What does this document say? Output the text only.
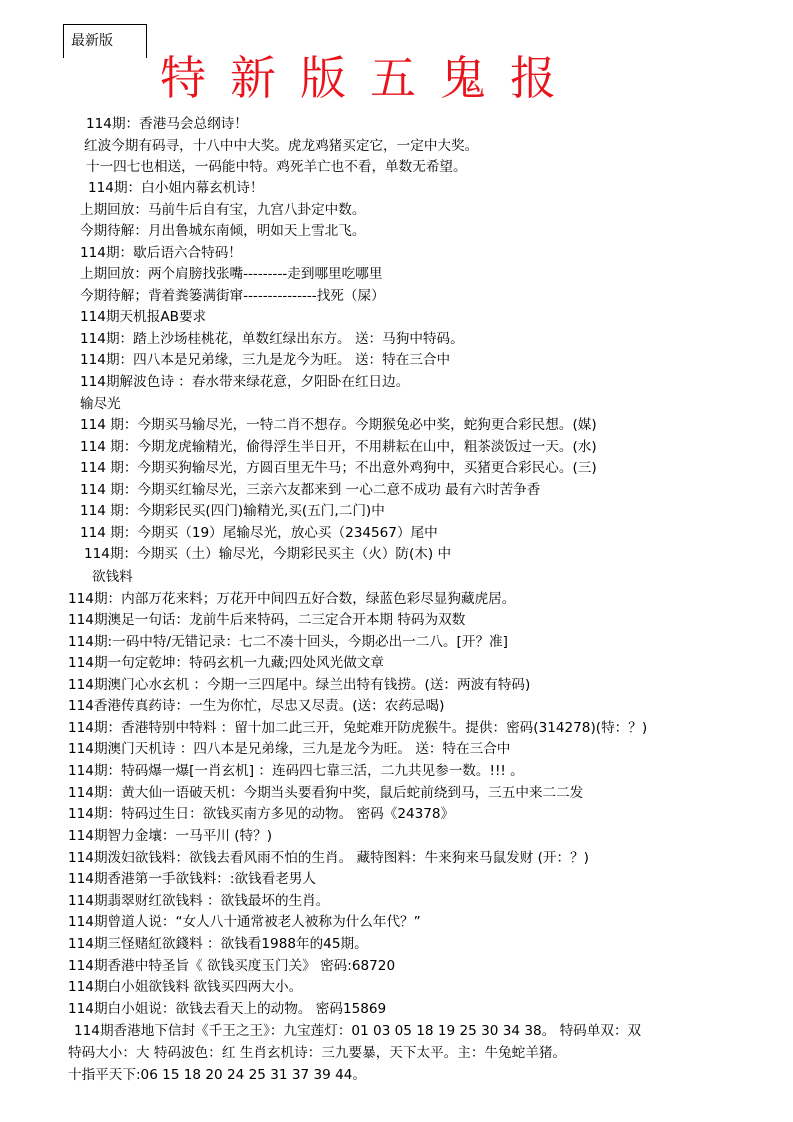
最新版
特新版五鬼报
114期：香港马会总纲诗！
红波今期有码寻，十八中中大奖。虎龙鸡猪买定它，一定中大奖。
十一四七也相送，一码能中特。鸡死羊亡也不看，单数无希望。
114期：白小姐内幕玄机诗！
上期回放：马前牛后自有宝，九宫八卦定中数。
今期待解：月出鲁城东南倾，明如天上雪北飞。
114期：歇后语六合特码！
上期回放：两个肩膀找张嘴---------走到哪里吃哪里
今期待解；背着粪篓满街窜---------------找死（屎）
114期天机报AB要求
114期：踏上沙场桂桃花，单数红绿出东方。 送：马狗中特码。
114期：四八本是兄弟缘，三九是龙今为旺。 送：特在三合中
114期解波色诗 ：春水带来绿花意，夕阳卧在红日边。
输尽光
114 期：今期买马输尽光，一特二肖不想存。今期猴兔必中奖，蛇狗更合彩民想。(媒)
114 期：今期龙虎输精光，偷得浮生半日开，不用耕耘在山中，粗茶淡饭过一天。(水)
114 期：今期买狗输尽光，方圆百里无牛马；不出意外鸡狗中，买猪更合彩民心。(三)
114 期：今期买红输尽光，三亲六友都来到 一心二意不成功 最有六时苦争香
114 期：今期彩民买(四门)输精光,买(五门,二门)中
114 期：今期买（19）尾输尽光，放心买（234567）尾中
114期：今期买（土）输尽光，今期彩民买主（火）防(木) 中
欲钱料
114期：内部万花来料；万花开中间四五好合数，绿蓝色彩尽显狗藏虎居。
114期澳足一句话：龙前牛后来特码，二三定合开本期 特码为双数
114期:一码中特/无错记录：七二不凑十回头，今期必出一二八。[开？准]
114期一句定乾坤：特码玄机一九藏;四处风光做文章
114期澳门心水玄机 ：今期一三四尾中。绿兰出特有钱捞。(送：两波有特码)
114香港传真药诗：一生为你忙，尽忠又尽责。(送：农药忌喝)
114期：香港特别中特料 ：留十加二此三开，兔蛇难开防虎猴牛。提供：密码(314278)(特：？)
114期澳门天机诗 ：四八本是兄弟缘，三九是龙今为旺。 送：特在三合中
114期：特码爆一爆[一肖玄机] ：连码四七靠三活，二九共见参一数。!!! 。
114期：黄大仙一语破天机：今期当头要看狗中奖，鼠后蛇前绕到马，三五中来二二发
114期：特码过生日：欲钱买南方多见的动物。 密码《24378》
114期智力金壤：一马平川 (特？)
114期泼妇欲钱料：欲钱去看风雨不怕的生肖。 藏特图料：牛来狗来马鼠发财 (开：？)
114期香港第一手欲钱料：:欲钱看老男人
114期翡翠财红欲钱料 ：欲钱最坏的生肖。
114期曾道人说：“女人八十通常被老人被称为什么年代？”
114期三怪赌紅欲錢料 ：欲钱看1988年的45期。
114期香港中特圣旨《 欲钱买度玉门关》 密码:68720
114期白小姐欲钱料 欲钱买四两大小。
114期白小姐说：欲钱去看天上的动物。 密码15869
114期香港地下信封《千王之王》：九宝莲灯：01 03 05 18 19 25 30 34 38。 特码单双：双
特码大小：大 特码波色：红 生肖玄机诗：三九要暴，天下太平。主：牛兔蛇羊猪。
十指平天下:06 15 18 20 24 25 31 37 39 44。
